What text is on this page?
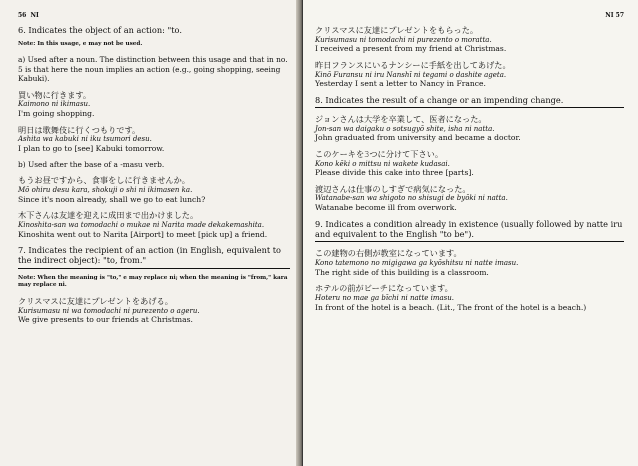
56 NI
6. Indicates the object of an action: "to.
Note: In this usage, e may not be used.
a) Used after a noun. The distinction between this usage and that in no. 5 is that here the noun implies an action (e.g., going shopping, seeing Kabuki).
買い物に行きます。
Kaimono ni ikimasu.
I'm going shopping.
明日は歌舞伎に行くつもりです。
Ashita wa kabuki ni iku tsumori desu.
I plan to go to [see] Kabuki tomorrow.
b) Used after the base of a -masu verb.
もうお昼ですから、食事をしに行きませんか。
Mō ohiru desu kara, shokuji o shi ni ikimasen ka.
Since it's noon already, shall we go to eat lunch?
木下さんは友達を迎えに成田まで出かけました。
Kinoshita-san wa tomodachi o mukae ni Narita made dekakemashita.
Kinoshita went out to Narita [Airport] to meet [pick up] a friend.
7. Indicates the recipient of an action (in English, equivalent to the indirect object): "to, from."
Note: When the meaning is "to," e may replace ni; when the meaning is "from," kara may replace ni.
クリスマスに友達にプレゼントをあげる。
Kurisumasu ni wa tomodachi ni purezento o ageru.
We give presents to our friends at Christmas.
NI 57
クリスマスに友達にプレゼントをもらった。
Kurisumasu ni tomodachi ni purezento o moratta.
I received a present from my friend at Christmas.
昨日フランスにいるナンシーに手紙を出してあげた。
Kinō Furansu ni iru Nanshī ni tegami o dashite ageta.
Yesterday I sent a letter to Nancy in France.
8. Indicates the result of a change or an impending change.
ジョンさんは大学を卒業して、医者になった。
Jon-san wa daigaku o sotsugyō shite, isha ni natta.
John graduated from university and became a doctor.
このケーキを3つに分けて下さい。
Kono kēki o mittsu ni wakete kudasai.
Please divide this cake into three [parts].
渡辺さんは仕事のしすぎで病気になった。
Watanabe-san wa shigoto no shisugi de byōki ni natta.
Watanabe become ill from overwork.
9. Indicates a condition already in existence (usually followed by natte iru and equivalent to the English "to be").
この建物の右側が教室になっています。
Kono tatemono no migigawa ga kyōshitsu ni natte imasu.
The right side of this building is a classroom.
ホテルの前がビーチになっています。
Hoteru no mae ga bīchi ni natte imasu.
In front of the hotel is a beach. (Lit., The front of the hotel is a beach.)
